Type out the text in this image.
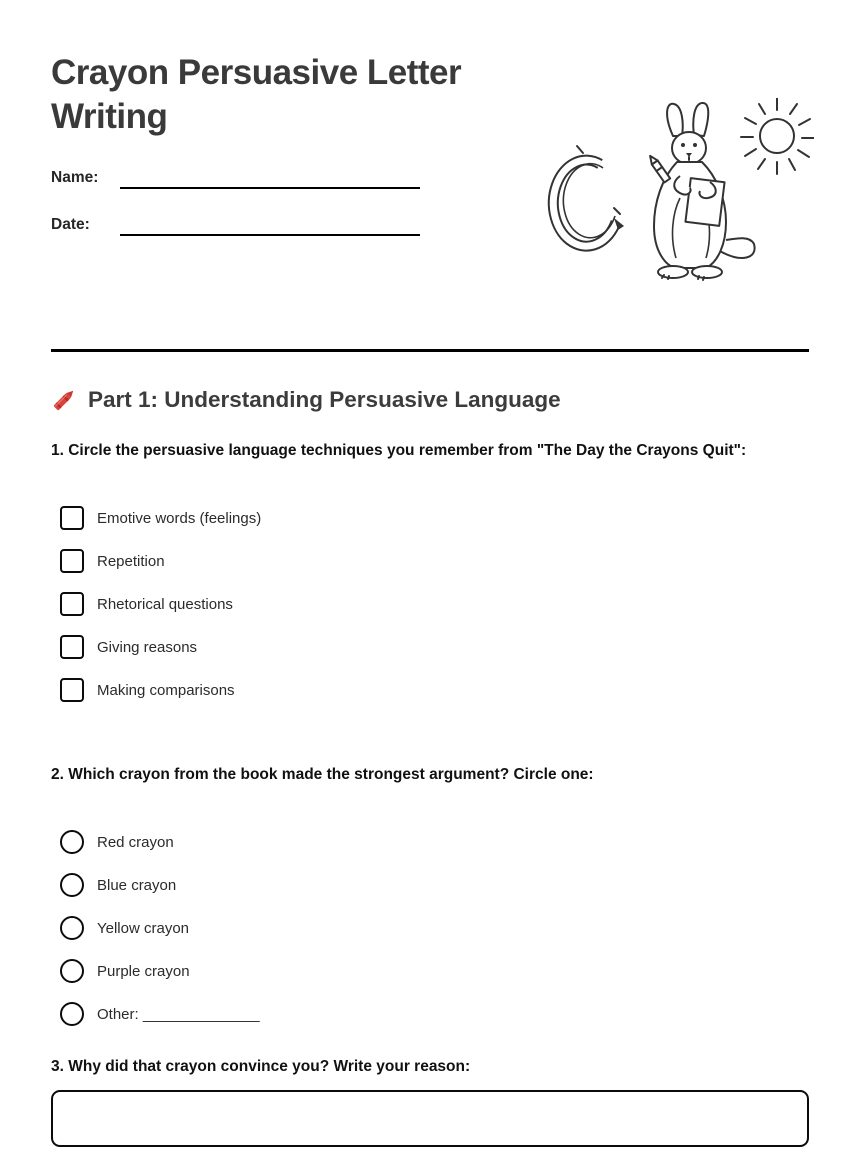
Crayon Persuasive Letter Writing
Name:
Date:
Part 1: Understanding Persuasive Language

1. Circle the persuasive language techniques you remember from "The Day the Crayons Quit":

Emotive words (feelings)
Repetition
Rhetorical questions
Giving reasons
Making comparisons

2. Which crayon from the book made the strongest argument? Circle one:

Red crayon
Blue crayon
Yellow crayon
Purple crayon
Other: ______________

3. Why did that crayon convince you? Write your reason:
